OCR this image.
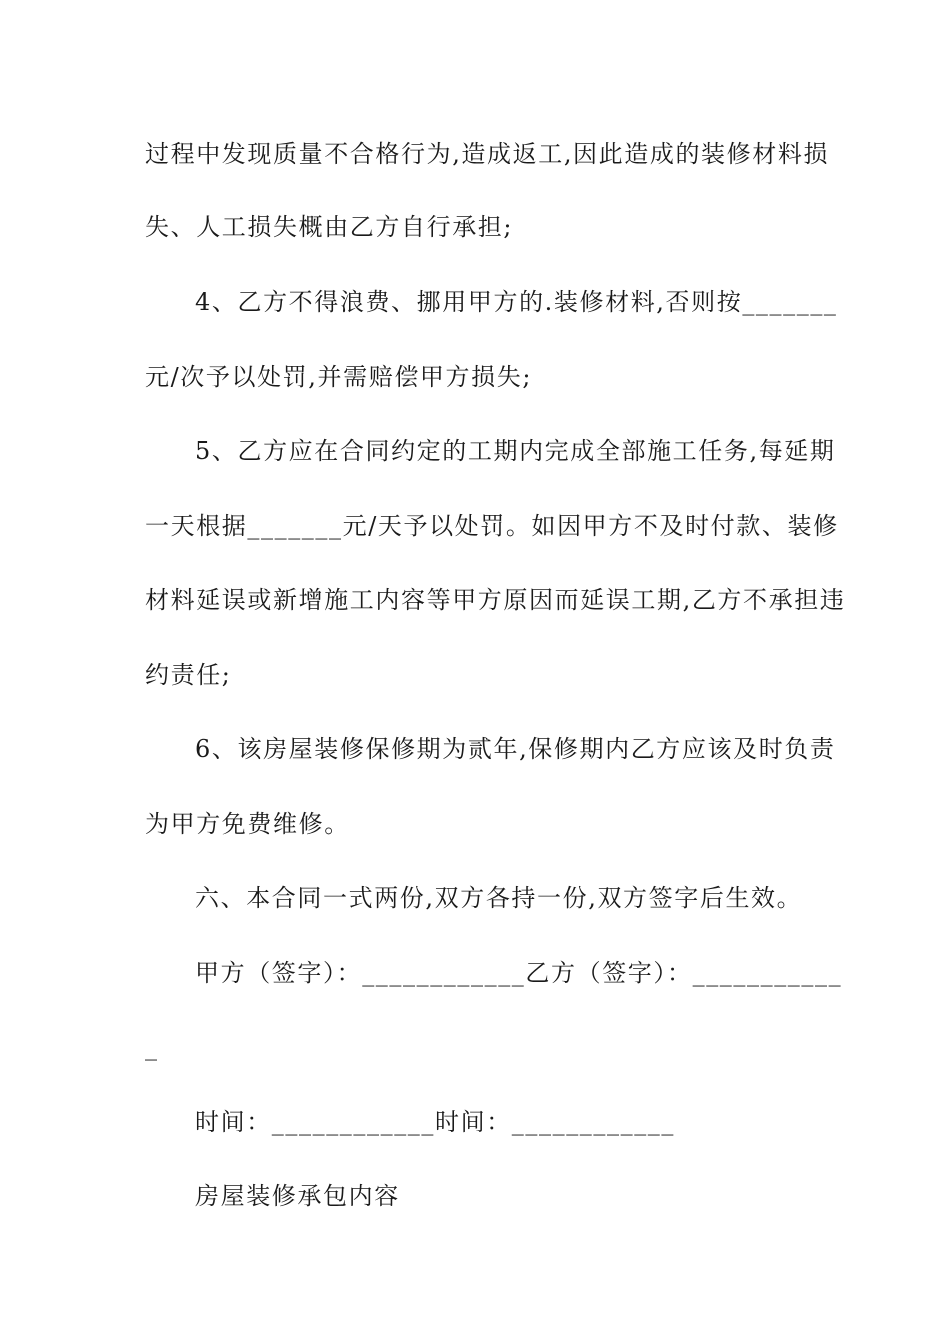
过程中发现质量不合格行为,造成返工,因此造成的装修材料损
失、人工损失概由乙方自行承担;
4、乙方不得浪费、挪用甲方的.装修材料,否则按_______
元/次予以处罚,并需赔偿甲方损失;
5、乙方应在合同约定的工期内完成全部施工任务,每延期
一天根据_______元/天予以处罚。如因甲方不及时付款、装修
材料延误或新增施工内容等甲方原因而延误工期,乙方不承担违
约责任;
6、该房屋装修保修期为贰年,保修期内乙方应该及时负责
为甲方免费维修。
六、本合同一式两份,双方各持一份,双方签字后生效。
甲方（签字）：____________乙方（签字）：___________
_
时间：____________时间：____________
房屋装修承包内容
